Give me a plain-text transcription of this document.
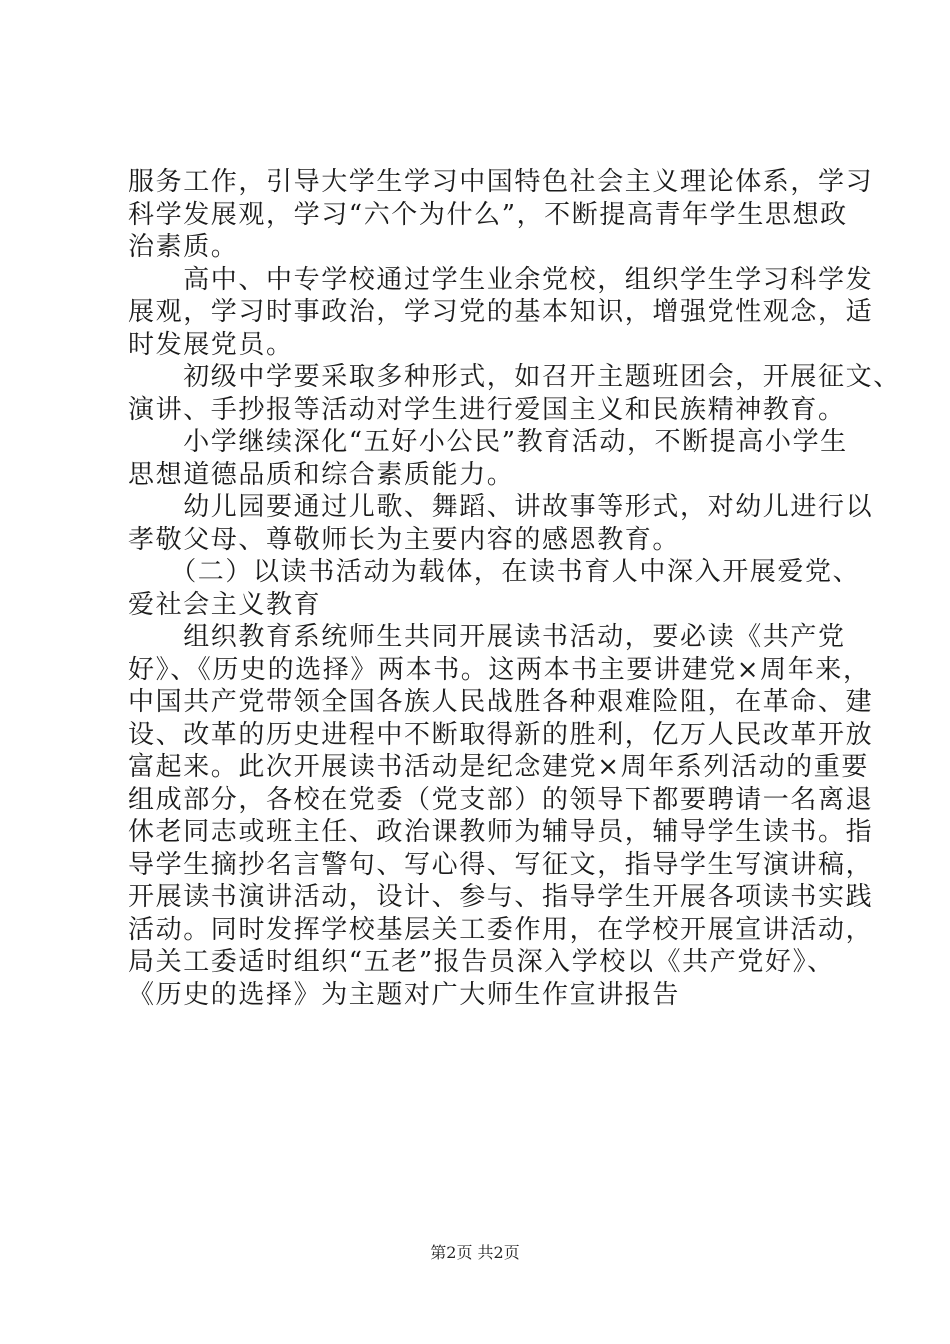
服务工作，引导大学生学习中国特色社会主义理论体系，学习
科学发展观，学习“六个为什么”，不断提高青年学生思想政
治素质。
　　高中、中专学校通过学生业余党校，组织学生学习科学发
展观，学习时事政治，学习党的基本知识，增强党性观念，适
时发展党员。
　　初级中学要采取多种形式，如召开主题班团会，开展征文、
演讲、手抄报等活动对学生进行爱国主义和民族精神教育。
　　小学继续深化“五好小公民”教育活动，不断提高小学生
思想道德品质和综合素质能力。
　　幼儿园要通过儿歌、舞蹈、讲故事等形式，对幼儿进行以
孝敬父母、尊敬师长为主要内容的感恩教育。
　　（二）以读书活动为载体，在读书育人中深入开展爱党、
爱社会主义教育
　　组织教育系统师生共同开展读书活动，要必读《共产党
好》、《历史的选择》两本书。这两本书主要讲建党×周年来，
中国共产党带领全国各族人民战胜各种艰难险阻，在革命、建
设、改革的历史进程中不断取得新的胜利，亿万人民改革开放
富起来。此次开展读书活动是纪念建党×周年系列活动的重要
组成部分，各校在党委（党支部）的领导下都要聘请一名离退
休老同志或班主任、政治课教师为辅导员，辅导学生读书。指
导学生摘抄名言警句、写心得、写征文，指导学生写演讲稿，
开展读书演讲活动，设计、参与、指导学生开展各项读书实践
活动。同时发挥学校基层关工委作用，在学校开展宣讲活动，
局关工委适时组织“五老”报告员深入学校以《共产党好》、
《历史的选择》为主题对广大师生作宣讲报告
第2页 共2页
